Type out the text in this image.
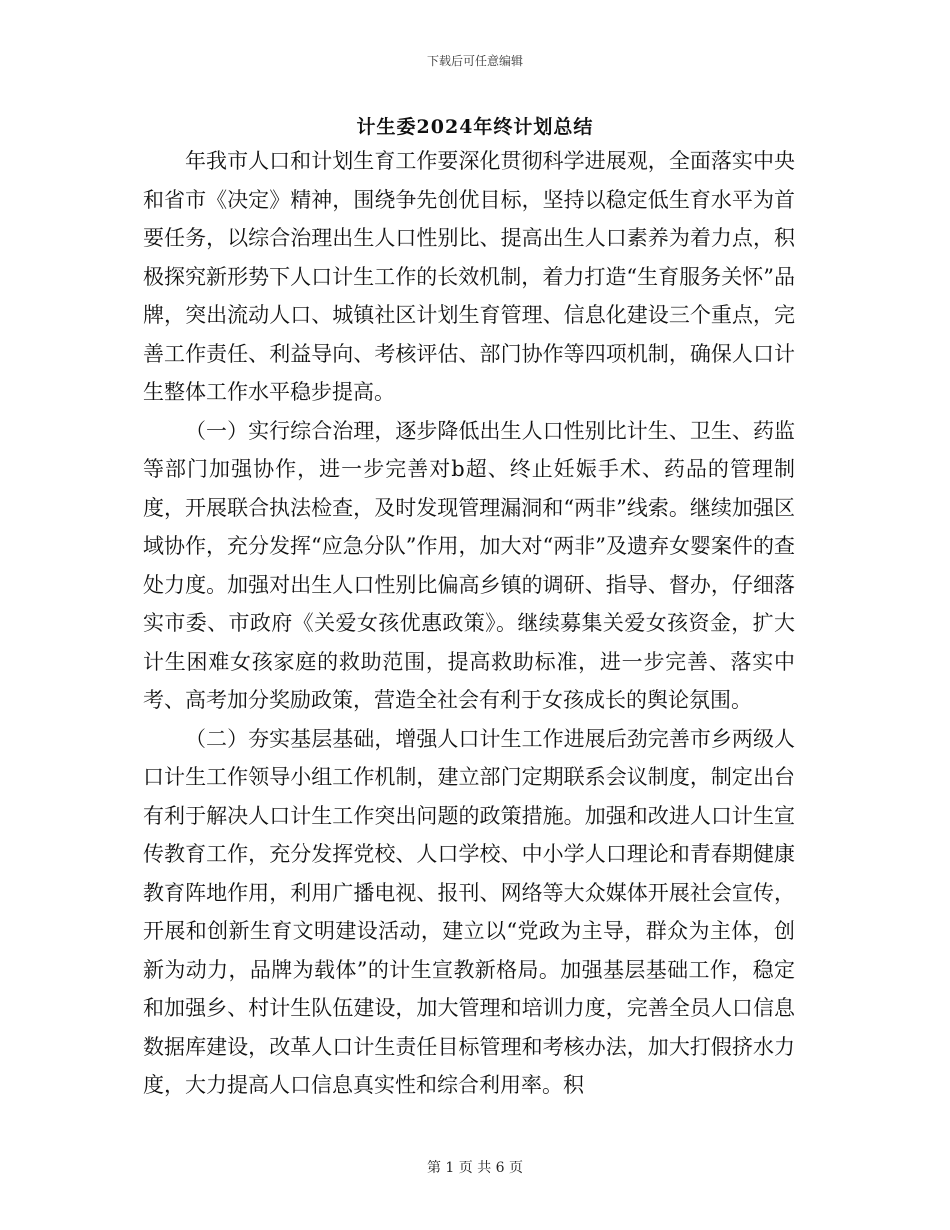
下载后可任意编辑
计生委2024年终计划总结

年我市人口和计划生育工作要深化贯彻科学进展观，全面落实中央和省市《决定》精神，围绕争先创优目标，坚持以稳定低生育水平为首要任务，以综合治理出生人口性别比、提高出生人口素养为着力点，积极探究新形势下人口计生工作的长效机制，着力打造“生育服务关怀”品牌，突出流动人口、城镇社区计划生育管理、信息化建设三个重点，完善工作责任、利益导向、考核评估、部门协作等四项机制，确保人口计生整体工作水平稳步提高。

（一）实行综合治理，逐步降低出生人口性别比计生、卫生、药监等部门加强协作，进一步完善对b超、终止妊娠手术、药品的管理制度，开展联合执法检查，及时发现管理漏洞和“两非”线索。继续加强区域协作，充分发挥“应急分队”作用，加大对“两非”及遗弃女婴案件的查处力度。加强对出生人口性别比偏高乡镇的调研、指导、督办，仔细落实市委、市政府《关爱女孩优惠政策》。继续募集关爱女孩资金，扩大计生困难女孩家庭的救助范围，提高救助标准，进一步完善、落实中考、高考加分奖励政策，营造全社会有利于女孩成长的舆论氛围。

（二）夯实基层基础，增强人口计生工作进展后劲完善市乡两级人口计生工作领导小组工作机制，建立部门定期联系会议制度，制定出台有利于解决人口计生工作突出问题的政策措施。加强和改进人口计生宣传教育工作，充分发挥党校、人口学校、中小学人口理论和青春期健康教育阵地作用，利用广播电视、报刊、网络等大众媒体开展社会宣传，开展和创新生育文明建设活动，建立以“党政为主导，群众为主体，创新为动力，品牌为载体”的计生宣教新格局。加强基层基础工作，稳定和加强乡、村计生队伍建设，加大管理和培训力度，完善全员人口信息数据库建设，改革人口计生责任目标管理和考核办法，加大打假挤水力度，大力提高人口信息真实性和综合利用率。积

第 1 页 共 6 页
